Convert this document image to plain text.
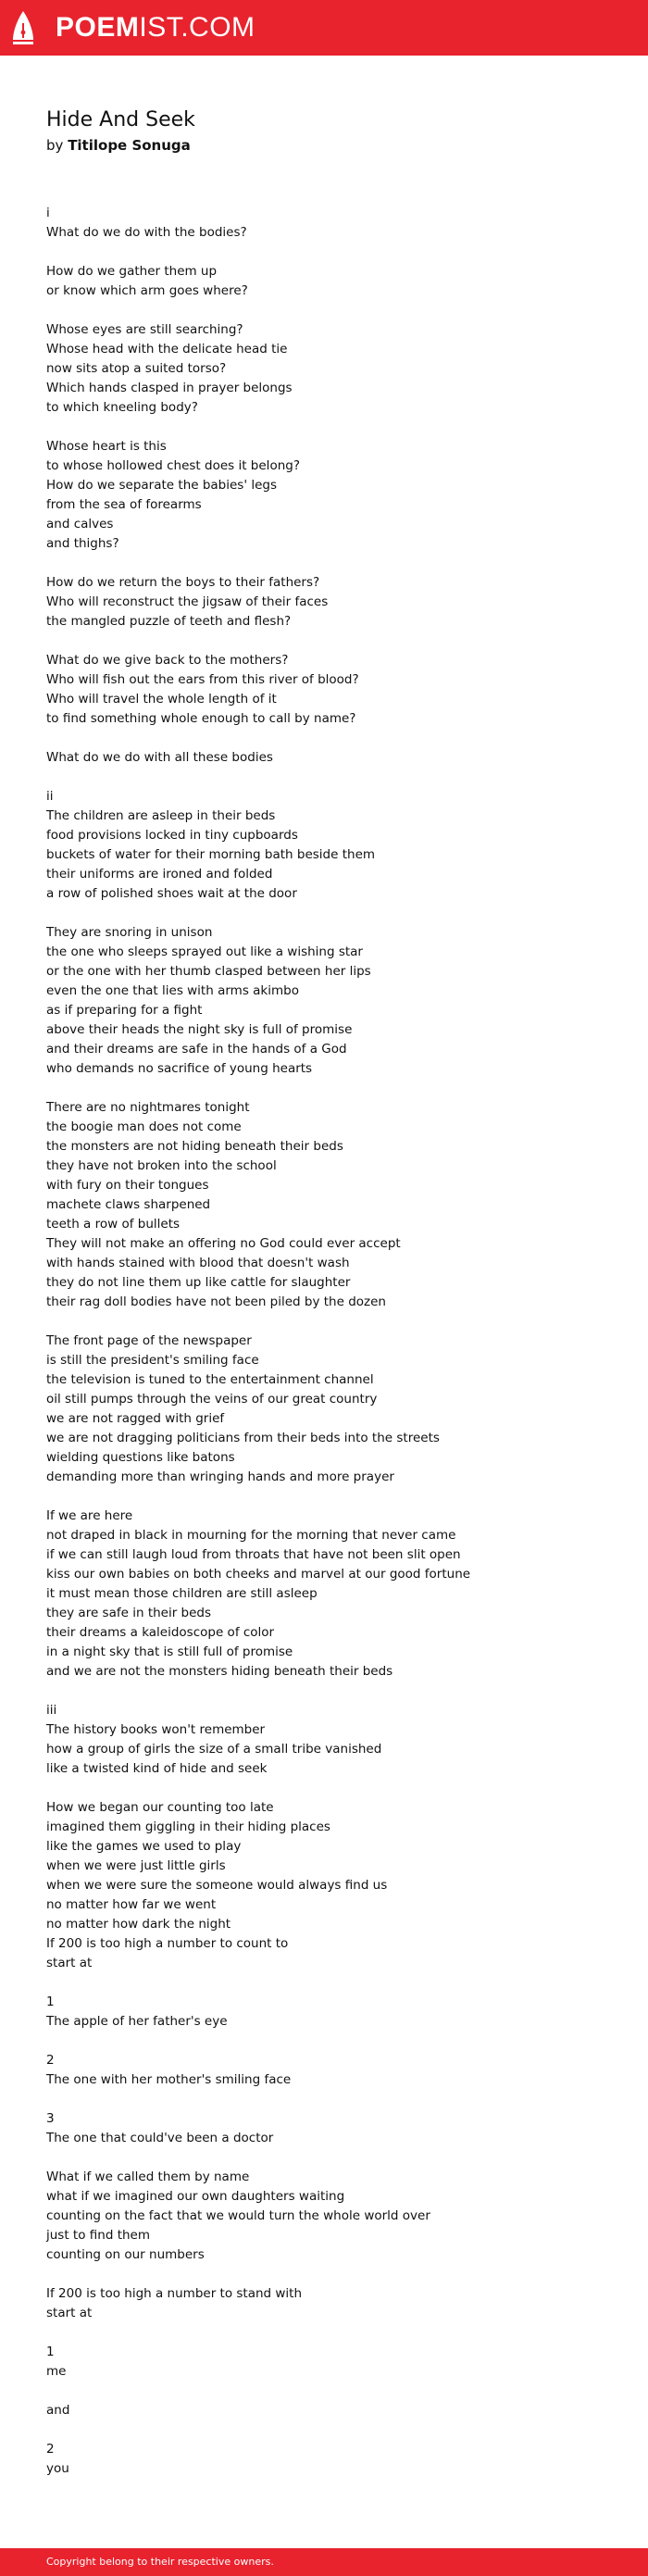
POEMIST.COM
Hide And Seek
by Titilope Sonuga
i
What do we do with the bodies?
How do we gather them up
or know which arm goes where?
Whose eyes are still searching?
Whose head with the delicate head tie
now sits atop a suited torso?
Which hands clasped in prayer belongs
to which kneeling body?
Whose heart is this
to whose hollowed chest does it belong?
How do we separate the babies' legs
from the sea of forearms
and calves
and thighs?
How do we return the boys to their fathers?
Who will reconstruct the jigsaw of their faces
the mangled puzzle of teeth and flesh?
What do we give back to the mothers?
Who will fish out the ears from this river of blood?
Who will travel the whole length of it
to find something whole enough to call by name?
What do we do with all these bodies
ii
The children are asleep in their beds
food provisions locked in tiny cupboards
buckets of water for their morning bath beside them
their uniforms are ironed and folded
a row of polished shoes wait at the door
They are snoring in unison
the one who sleeps sprayed out like a wishing star
or the one with her thumb clasped between her lips
even the one that lies with arms akimbo
as if preparing for a fight
above their heads the night sky is full of promise
and their dreams are safe in the hands of a God
who demands no sacrifice of young hearts
There are no nightmares tonight
the boogie man does not come
the monsters are not hiding beneath their beds
they have not broken into the school
with fury on their tongues
machete claws sharpened
teeth a row of bullets
They will not make an offering no God could ever accept
with hands stained with blood that doesn't wash
they do not line them up like cattle for slaughter
their rag doll bodies have not been piled by the dozen
The front page of the newspaper
is still the president's smiling face
the television is tuned to the entertainment channel
oil still pumps through the veins of our great country
we are not ragged with grief
we are not dragging politicians from their beds into the streets
wielding questions like batons
demanding more than wringing hands and more prayer
If we are here
not draped in black in mourning for the morning that never came
if we can still laugh loud from throats that have not been slit open
kiss our own babies on both cheeks and marvel at our good fortune
it must mean those children are still asleep
they are safe in their beds
their dreams a kaleidoscope of color
in a night sky that is still full of promise
and we are not the monsters hiding beneath their beds
iii
The history books won't remember
how a group of girls the size of a small tribe vanished
like a twisted kind of hide and seek
How we began our counting too late
imagined them giggling in their hiding places
like the games we used to play
when we were just little girls
when we were sure the someone would always find us
no matter how far we went
no matter how dark the night
If 200 is too high a number to count to
start at
1
The apple of her father's eye
2
The one with her mother's smiling face
3
The one that could've been a doctor
What if we called them by name
what if we imagined our own daughters waiting
counting on the fact that we would turn the whole world over
just to find them
counting on our numbers
If 200 is too high a number to stand with
start at
1
me
and
2
you
Copyright belong to their respective owners.
